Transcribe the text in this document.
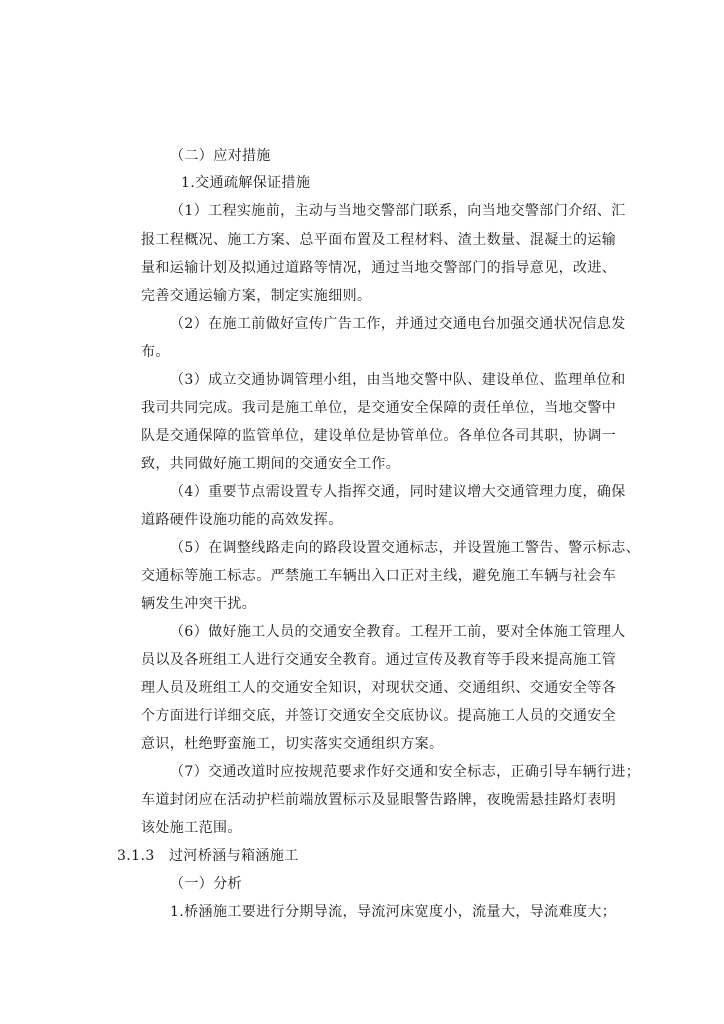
（二）应对措施
1.交通疏解保证措施
（1）工程实施前，主动与当地交警部门联系，向当地交警部门介绍、汇
报工程概况、施工方案、总平面布置及工程材料、渣土数量、混凝土的运输
量和运输计划及拟通过道路等情况，通过当地交警部门的指导意见，改进、
完善交通运输方案，制定实施细则。
（2）在施工前做好宣传广告工作，并通过交通电台加强交通状况信息发
布。
（3）成立交通协调管理小组，由当地交警中队、建设单位、监理单位和
我司共同完成。我司是施工单位，是交通安全保障的责任单位，当地交警中
队是交通保障的监管单位，建设单位是协管单位。各单位各司其职，协调一
致，共同做好施工期间的交通安全工作。
（4）重要节点需设置专人指挥交通，同时建议增大交通管理力度，确保
道路硬件设施功能的高效发挥。
（5）在调整线路走向的路段设置交通标志，并设置施工警告、警示标志、
交通标等施工标志。严禁施工车辆出入口正对主线，避免施工车辆与社会车
辆发生冲突干扰。
（6）做好施工人员的交通安全教育。工程开工前，要对全体施工管理人
员以及各班组工人进行交通安全教育。通过宣传及教育等手段来提高施工管
理人员及班组工人的交通安全知识，对现状交通、交通组织、交通安全等各
个方面进行详细交底，并签订交通安全交底协议。提高施工人员的交通安全
意识，杜绝野蛮施工，切实落实交通组织方案。
（7）交通改道时应按规范要求作好交通和安全标志，正确引导车辆行进；
车道封闭应在活动护栏前端放置标示及显眼警告路牌，夜晚需悬挂路灯表明
该处施工范围。
3.1.3　过河桥涵与箱涵施工
（一）分析
1.桥涵施工要进行分期导流，导流河床宽度小，流量大，导流难度大；
